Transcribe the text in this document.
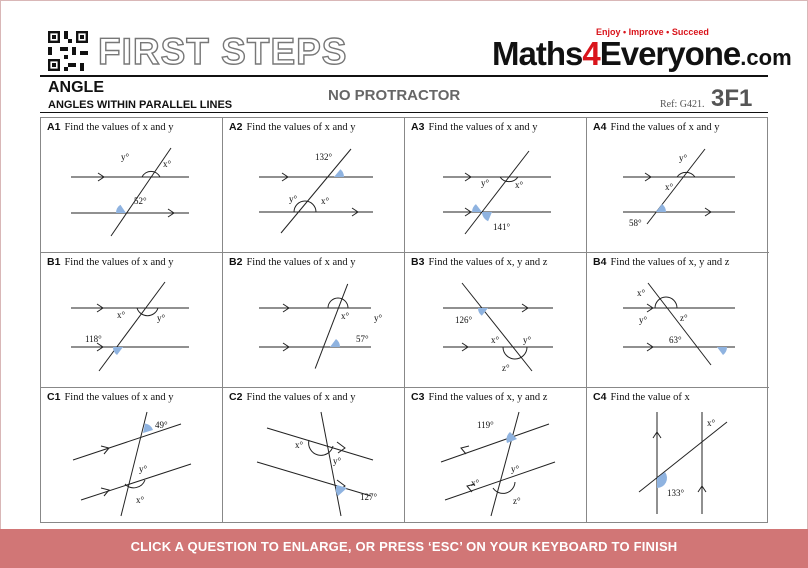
FIRST STEPS	Enjoy • Improve • Succeed
Maths4Everyone.com
ANGLE
ANGLES WITHIN PARALLEL LINES
NO PROTRACTOR
Ref: G421. 3F1
A1 Find the values of x and y
y°
x°
52°
A2 Find the values of x and y
132°
y°	x°
A3 Find the values of x and y
y°	x°
141°
A4 Find the values of x and y
y°
x°
58°
B1 Find the values of x and y
x°	y°
118°
B2 Find the values of x and y
x°	y°
57°
B3 Find the values of x, y and z
126°
x°	y°
z°
B4 Find the values of x, y and z
x°
y°	z°
63°
C1 Find the values of x and y
49°
y°
x°
C2 Find the values of x and y
x°
y°
127°
C3 Find the values of x, y and z
119°
y°
x°
z°
C4 Find the value of x
x°
133°
CLICK A QUESTION TO ENLARGE, OR PRESS ‘ESC’ ON YOUR KEYBOARD TO FINISH
